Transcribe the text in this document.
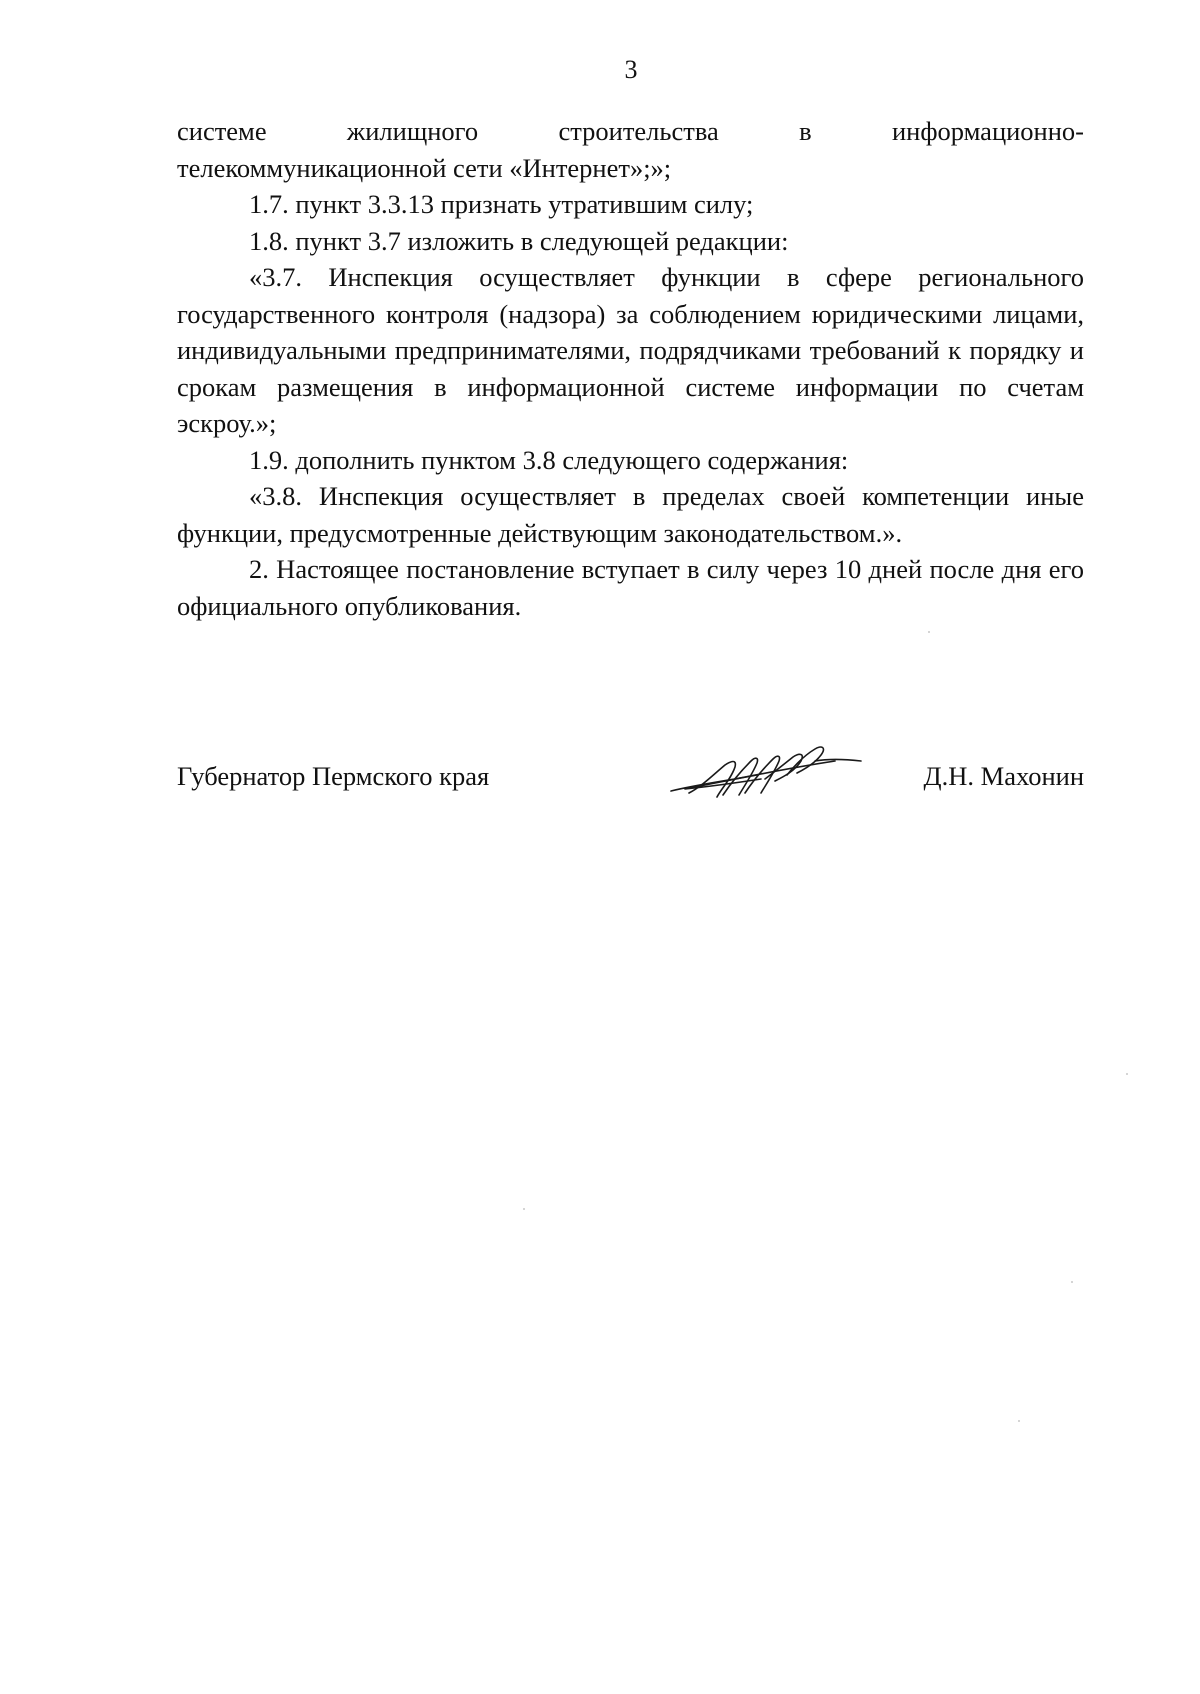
3

системе жилищного строительства в информационно-

телекоммуникационной сети «Интернет»;»;

1.7. пункт 3.3.13 признать утратившим силу;

1.8. пункт 3.7 изложить в следующей редакции:

«3.7. Инспекция осуществляет функции в сфере регионального государственного контроля (надзора) за соблюдением юридическими лицами, индивидуальными предпринимателями, подрядчиками требований к порядку и срокам размещения в информационной системе информации по счетам эскроу.»;

1.9. дополнить пунктом 3.8 следующего содержания:

«3.8. Инспекция осуществляет в пределах своей компетенции иные функции, предусмотренные действующим законодательством.».

2. Настоящее постановление вступает в силу через 10 дней после дня его официального опубликования.

Губернатор Пермского края	Д.Н. Махонин
